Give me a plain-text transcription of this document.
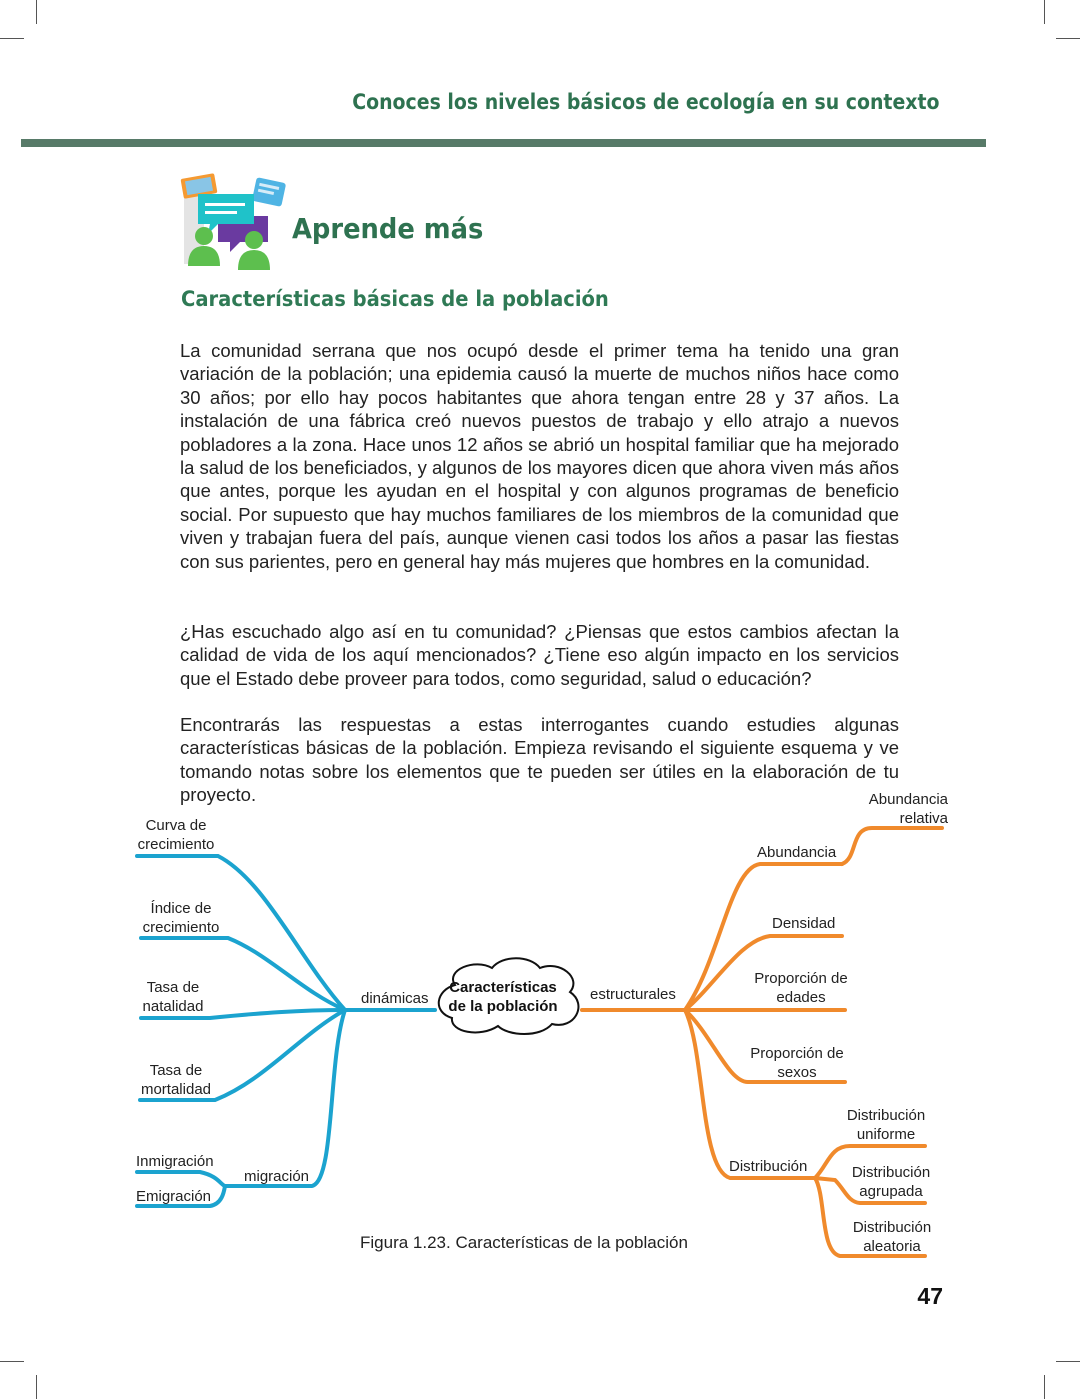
Conoces los niveles básicos de ecología en su contexto
Aprende más
Características básicas de la población

La comunidad serrana que nos ocupó desde el primer tema ha tenido una gran variación de la población; una epidemia causó la muerte de muchos niños hace como 30 años; por ello hay pocos habitantes que ahora tengan entre 28 y 37 años. La instalación de una fábrica creó nuevos puestos de trabajo y ello atrajo a nuevos pobladores a la zona. Hace unos 12 años se abrió un hospital familiar que ha mejorado la salud de los beneficiados, y algunos de los mayores dicen que ahora viven más años que antes, porque les ayudan en el hospital y con algunos programas de beneficio social. Por supuesto que hay muchos familiares de los miembros de la comunidad que viven y trabajan fuera del país, aunque vienen casi todos los años a pasar las fiestas con sus parientes, pero en general hay más mujeres que hombres en la comunidad.

¿Has escuchado algo así en tu comunidad? ¿Piensas que estos cambios afectan la calidad de vida de los aquí mencionados? ¿Tiene eso algún impacto en los servicios que el Estado debe proveer para todos, como seguridad, salud o educación?

Encontrarás las respuestas a estas interrogantes cuando estudies algunas características básicas de la población. Empieza revisando el siguiente esquema y ve tomando notas sobre los elementos que te pueden ser útiles en la elaboración de tu proyecto.

Características de la población
dinámicas	estructurales
Curva de crecimiento
Índice de crecimiento
Tasa de natalidad
Tasa de mortalidad
migración
Inmigración
Emigración
Abundancia
Abundancia relativa
Densidad
Proporción de edades
Proporción de sexos
Distribución
Distribución uniforme
Distribución agrupada
Distribución aleatoria
Figura 1.23. Características de la población
47
